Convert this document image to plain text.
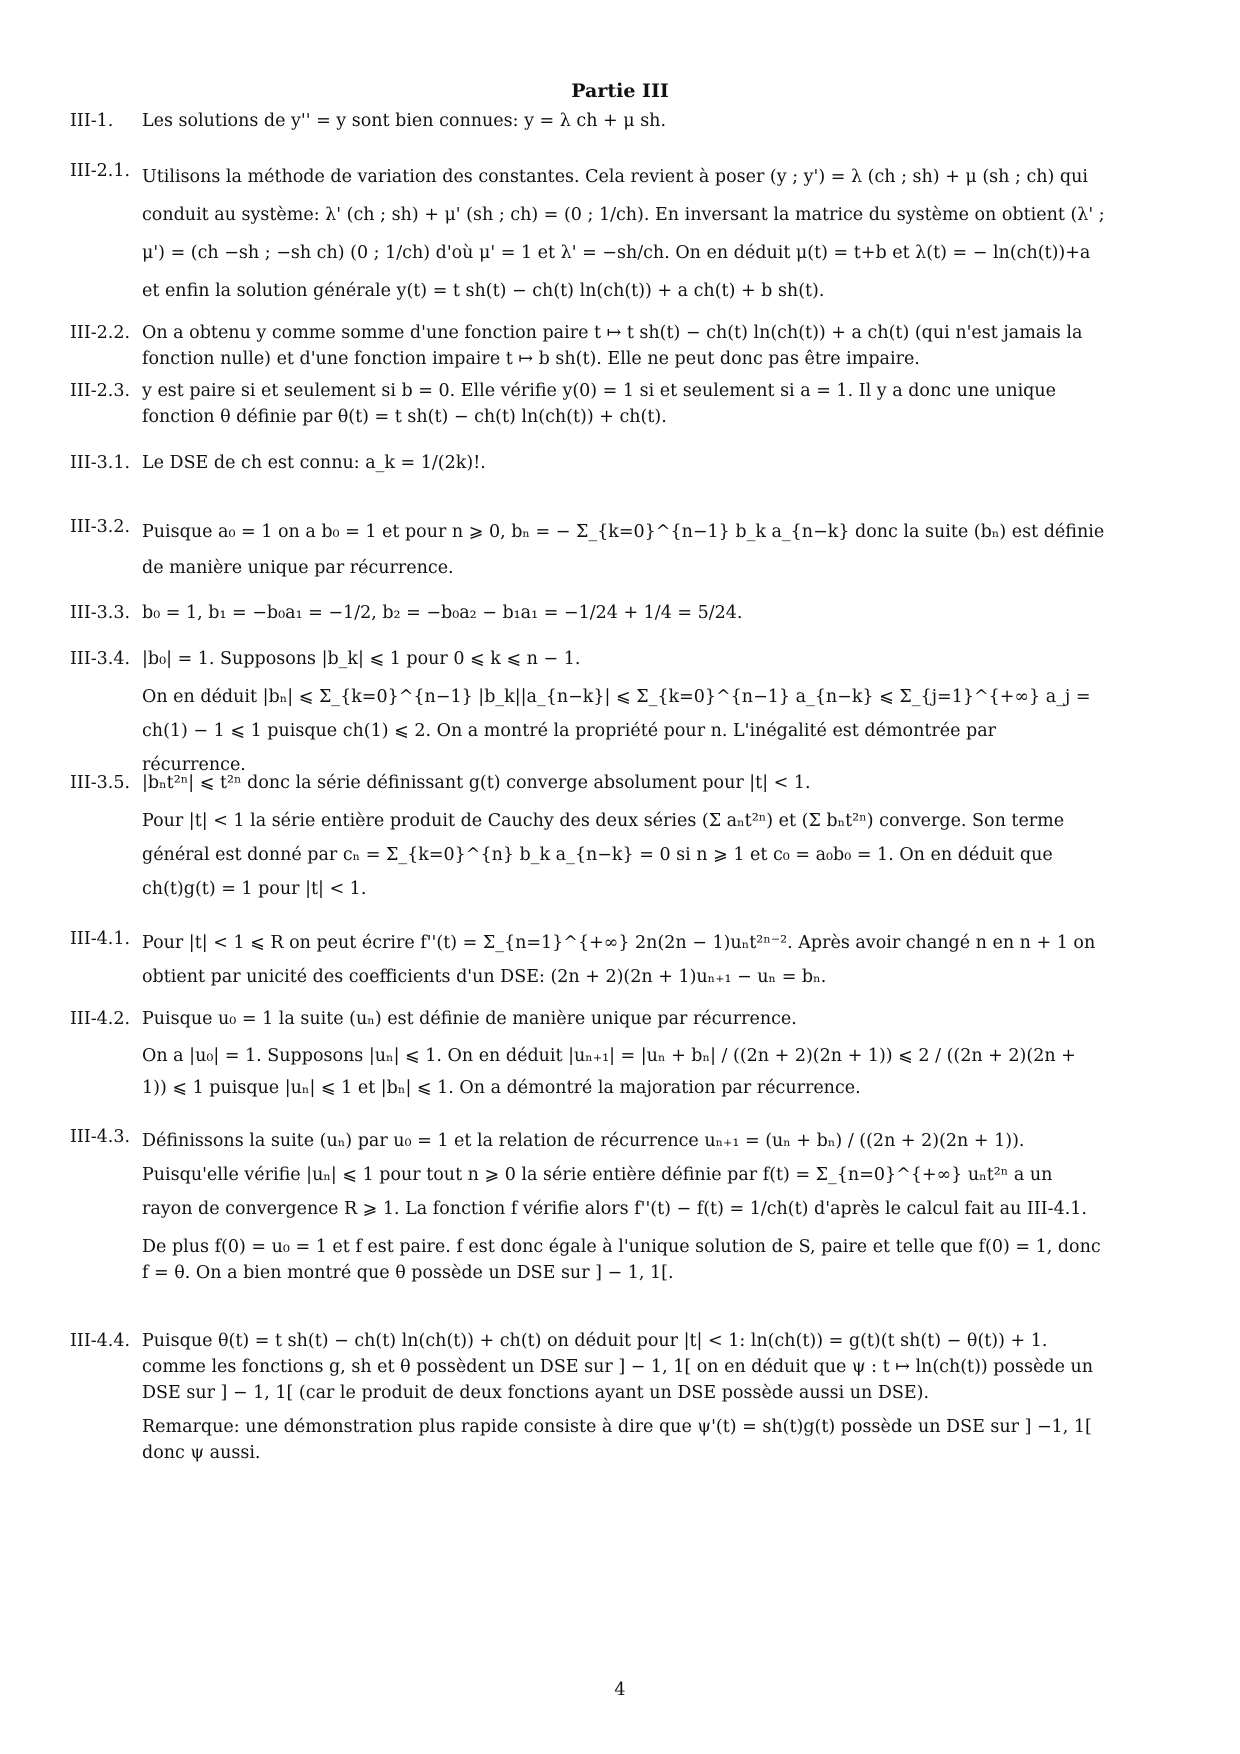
Partie III
III-1. Les solutions de y'' = y sont bien connues: y = λ ch + μ sh.

III-2.1. Utilisons la méthode de variation des constantes. Cela revient à poser (y ; y') = λ (ch ; sh) + μ (sh ; ch) qui conduit au système: λ' (ch ; sh) + μ' (sh ; ch) = (0 ; 1/ch). En inversant la matrice du système on obtient (λ' ; μ') = (ch −sh ; −sh ch) (0 ; 1/ch) d'où μ' = 1 et λ' = −sh/ch. On en déduit μ(t) = t+b et λ(t) = − ln(ch(t))+a et enfin la solution générale y(t) = t sh(t) − ch(t) ln(ch(t)) + a ch(t) + b sh(t).

III-2.2. On a obtenu y comme somme d'une fonction paire t ↦ t sh(t) − ch(t) ln(ch(t)) + a ch(t) (qui n'est jamais la fonction nulle) et d'une fonction impaire t ↦ b sh(t). Elle ne peut donc pas être impaire.

III-2.3. y est paire si et seulement si b = 0. Elle vérifie y(0) = 1 si et seulement si a = 1. Il y a donc une unique fonction θ définie par θ(t) = t sh(t) − ch(t) ln(ch(t)) + ch(t).

III-3.1. Le DSE de ch est connu: a_k = 1/(2k)!.

III-3.2. Puisque a₀ = 1 on a b₀ = 1 et pour n ⩾ 0, bₙ = − Σ_{k=0}^{n−1} b_k a_{n−k} donc la suite (bₙ) est définie de manière unique par récurrence.

III-3.3. b₀ = 1, b₁ = −b₀a₁ = −1/2, b₂ = −b₀a₂ − b₁a₁ = −1/24 + 1/4 = 5/24.

III-3.4. |b₀| = 1. Supposons |b_k| ⩽ 1 pour 0 ⩽ k ⩽ n − 1.

On en déduit |bₙ| ⩽ Σ_{k=0}^{n−1} |b_k||a_{n−k}| ⩽ Σ_{k=0}^{n−1} a_{n−k} ⩽ Σ_{j=1}^{+∞} a_j = ch(1) − 1 ⩽ 1 puisque ch(1) ⩽ 2. On a montré la propriété pour n. L'inégalité est démontrée par récurrence.

III-3.5. |bₙt²ⁿ| ⩽ t²ⁿ donc la série définissant g(t) converge absolument pour |t| < 1.

Pour |t| < 1 la série entière produit de Cauchy des deux séries (Σ aₙt²ⁿ) et (Σ bₙt²ⁿ) converge. Son terme général est donné par cₙ = Σ_{k=0}^{n} b_k a_{n−k} = 0 si n ⩾ 1 et c₀ = a₀b₀ = 1. On en déduit que ch(t)g(t) = 1 pour |t| < 1.

III-4.1. Pour |t| < 1 ⩽ R on peut écrire f''(t) = Σ_{n=1}^{+∞} 2n(2n − 1)uₙt²ⁿ⁻². Après avoir changé n en n + 1 on obtient par unicité des coefficients d'un DSE: (2n + 2)(2n + 1)uₙ₊₁ − uₙ = bₙ.

III-4.2. Puisque u₀ = 1 la suite (uₙ) est définie de manière unique par récurrence.

On a |u₀| = 1. Supposons |uₙ| ⩽ 1. On en déduit |uₙ₊₁| = |uₙ + bₙ| / ((2n + 2)(2n + 1)) ⩽ 2 / ((2n + 2)(2n + 1)) ⩽ 1 puisque |uₙ| ⩽ 1 et |bₙ| ⩽ 1. On a démontré la majoration par récurrence.

III-4.3. Définissons la suite (uₙ) par u₀ = 1 et la relation de récurrence uₙ₊₁ = (uₙ + bₙ) / ((2n + 2)(2n + 1)). Puisqu'elle vérifie |uₙ| ⩽ 1 pour tout n ⩾ 0 la série entière définie par f(t) = Σ_{n=0}^{+∞} uₙt²ⁿ a un rayon de convergence R ⩾ 1. La fonction f vérifie alors f''(t) − f(t) = 1/ch(t) d'après le calcul fait au III-4.1.

De plus f(0) = u₀ = 1 et f est paire. f est donc égale à l'unique solution de S, paire et telle que f(0) = 1, donc f = θ. On a bien montré que θ possède un DSE sur ] − 1, 1[.

III-4.4. Puisque θ(t) = t sh(t) − ch(t) ln(ch(t)) + ch(t) on déduit pour |t| < 1: ln(ch(t)) = g(t)(t sh(t) − θ(t)) + 1. comme les fonctions g, sh et θ possèdent un DSE sur ] − 1, 1[ on en déduit que ψ : t ↦ ln(ch(t)) possède un DSE sur ] − 1, 1[ (car le produit de deux fonctions ayant un DSE possède aussi un DSE).

Remarque: une démonstration plus rapide consiste à dire que ψ'(t) = sh(t)g(t) possède un DSE sur ] −1, 1[ donc ψ aussi.

4
